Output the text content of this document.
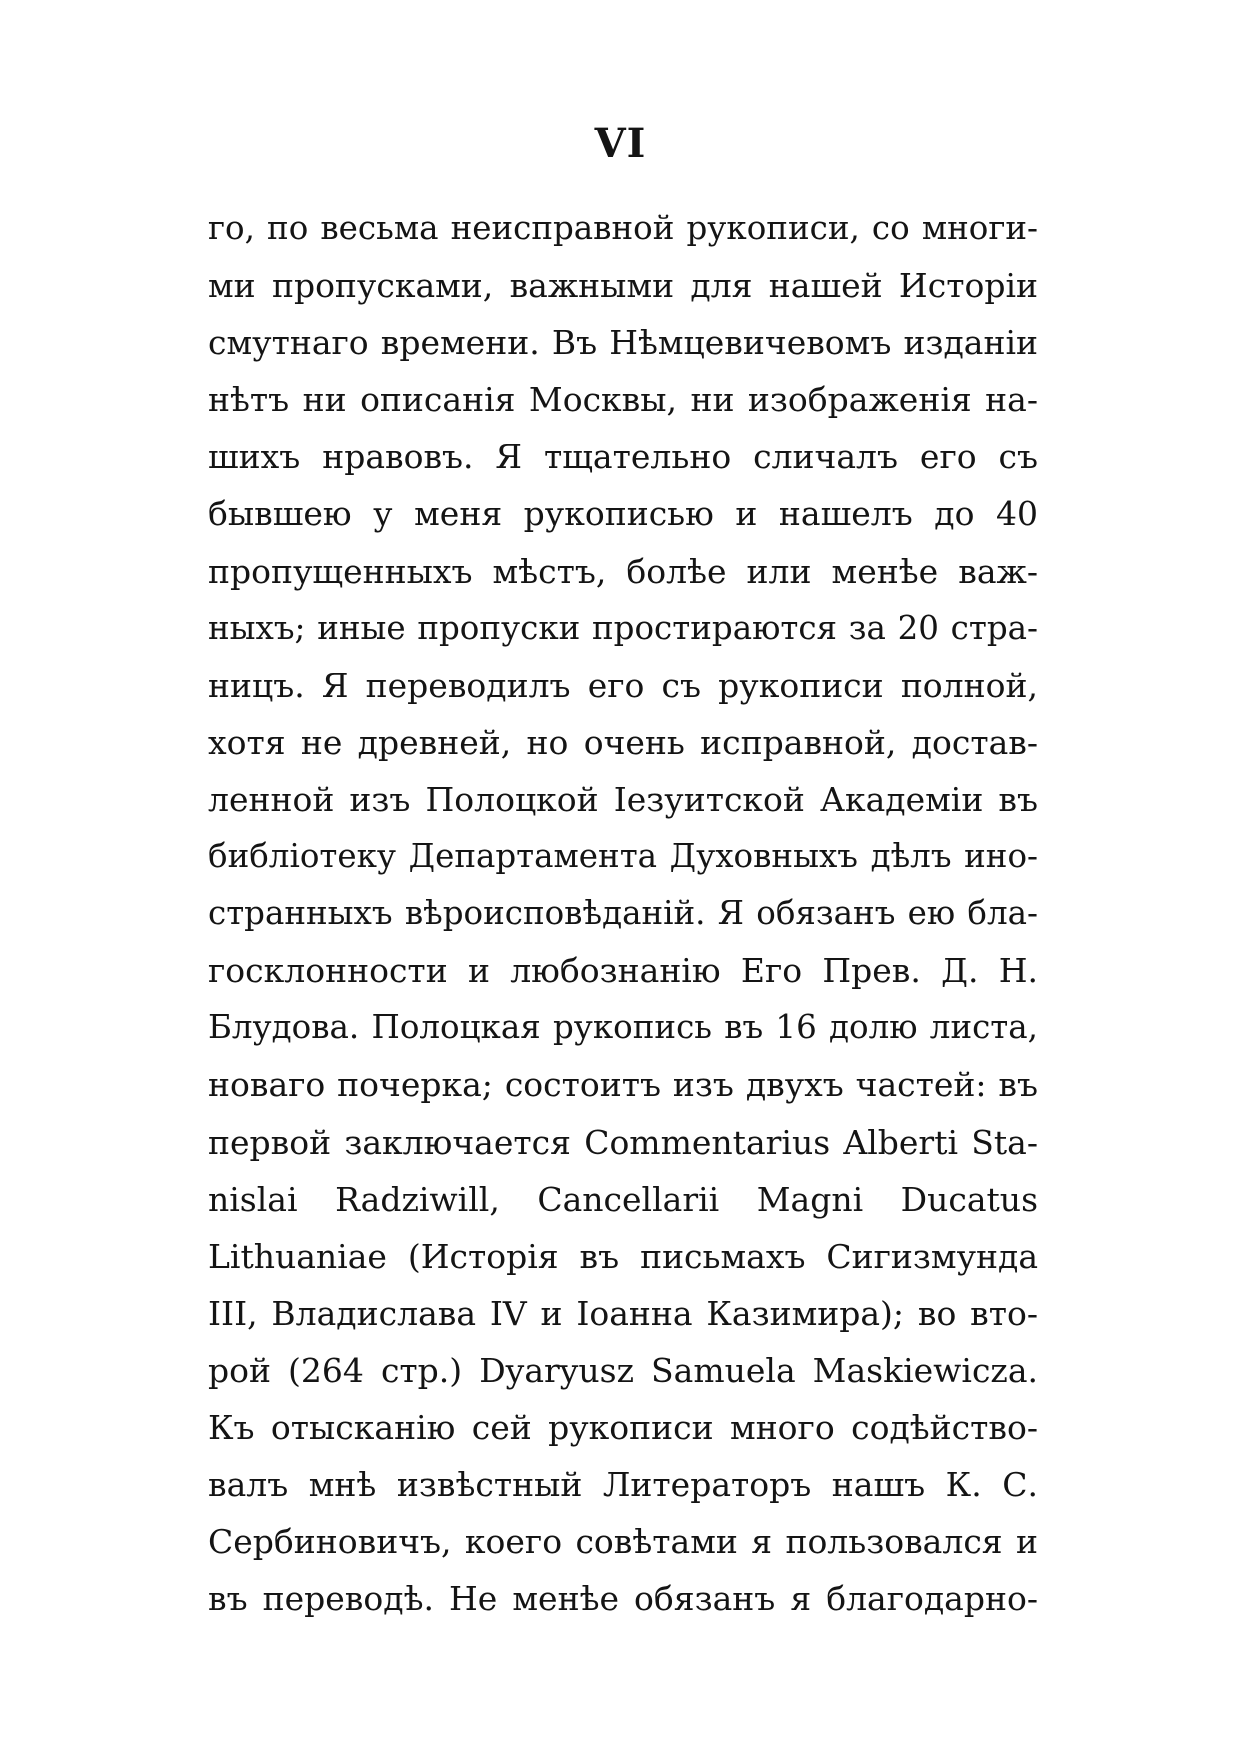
VI
го, по весьма неисправной рукописи, со многи-
ми пропусками, важными для нашей Исторіи
смутнаго времени. Въ Нѣмцевичевомъ изданіи
нѣтъ ни описанія Москвы, ни изображенія на-
шихъ нравовъ. Я тщательно сличалъ его съ
бывшею у меня рукописью и нашелъ до 40
пропущенныхъ мѣстъ, болѣе или менѣе важ-
ныхъ; иные пропуски простираются за 20 стра-
ницъ. Я переводилъ его съ рукописи полной,
хотя не древней, но очень исправной, достав-
ленной изъ Полоцкой Іезуитской Академіи въ
библіотеку Департамента Духовныхъ дѣлъ ино-
странныхъ вѣроисповѣданій. Я обязанъ ею бла-
госклонности и любознанію Его Прев. Д. Н.
Блудова. Полоцкая рукопись въ 16 долю листа,
новаго почерка; состоитъ изъ двухъ частей: въ
первой заключается Commentarius Alberti Sta-
nislai Radziwill, Cancellarii Magni Ducatus
Lithuaniae (Исторія въ письмахъ Сигизмунда
III, Владислава IV и Іоанна Казимира); во вто-
рой (264 стр.) Dyaryusz Samuela Maskiewicza.
Къ отысканію сей рукописи много содѣйство-
валъ мнѣ извѣстный Литераторъ нашъ К. С.
Сербиновичъ, коего совѣтами я пользовался и
въ переводѣ. Не менѣе обязанъ я благодарно-
